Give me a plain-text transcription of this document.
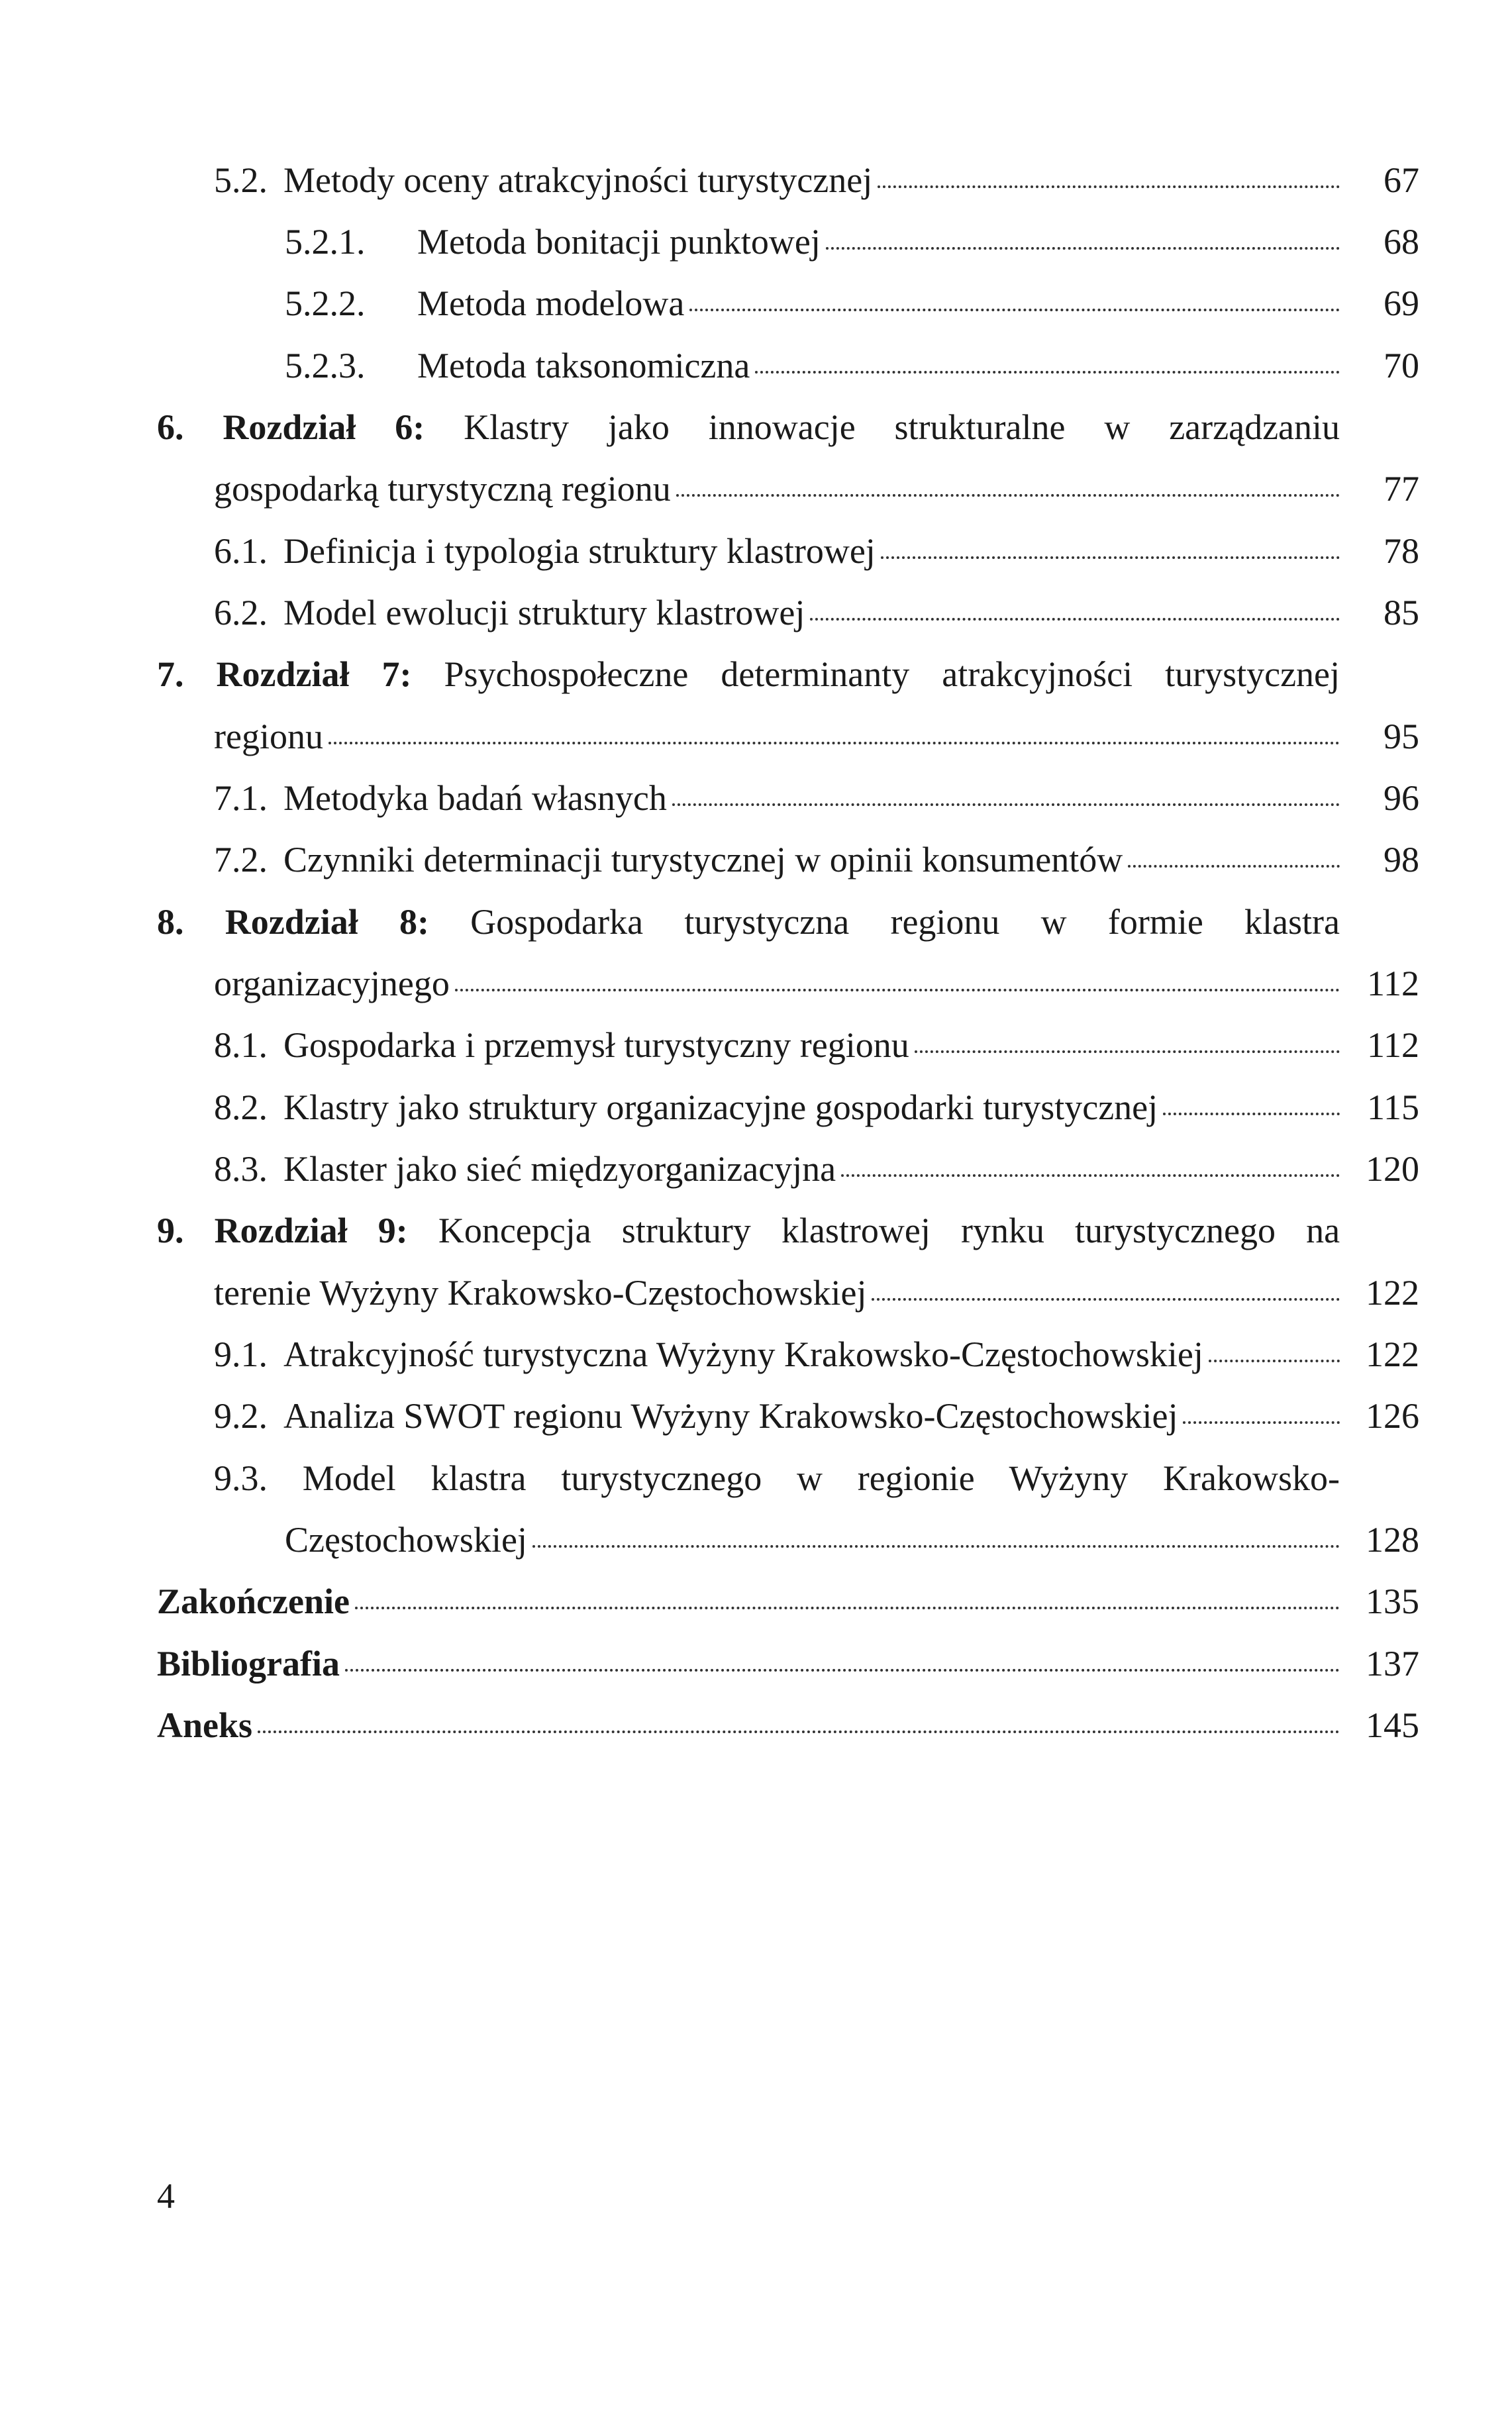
5.2. Metody oceny atrakcyjności turystycznej	67
5.2.1.	Metoda bonitacji punktowej	68
5.2.2.	Metoda modelowa	69
5.2.3.	Metoda taksonomiczna	70
6. Rozdział 6: Klastry jako innowacje strukturalne w zarządzaniu
gospodarką turystyczną regionu	77
6.1. Definicja i typologia struktury klastrowej	78
6.2. Model ewolucji struktury klastrowej	85
7. Rozdział 7: Psychospołeczne determinanty atrakcyjności turystycznej
regionu	95
7.1. Metodyka badań własnych	96
7.2. Czynniki determinacji turystycznej w opinii konsumentów	98
8. Rozdział 8: Gospodarka turystyczna regionu w formie klastra
organizacyjnego	112
8.1. Gospodarka i przemysł turystyczny regionu	112
8.2. Klastry jako struktury organizacyjne gospodarki turystycznej	115
8.3. Klaster jako sieć międzyorganizacyjna	120
9. Rozdział 9: Koncepcja struktury klastrowej rynku turystycznego na
terenie Wyżyny Krakowsko-Częstochowskiej	122
9.1. Atrakcyjność turystyczna Wyżyny Krakowsko-Częstochowskiej	122
9.2. Analiza SWOT regionu Wyżyny Krakowsko-Częstochowskiej	126
9.3. Model klastra turystycznego w regionie Wyżyny Krakowsko-
Częstochowskiej	128
Zakończenie	135
Bibliografia	137
Aneks	145
4
